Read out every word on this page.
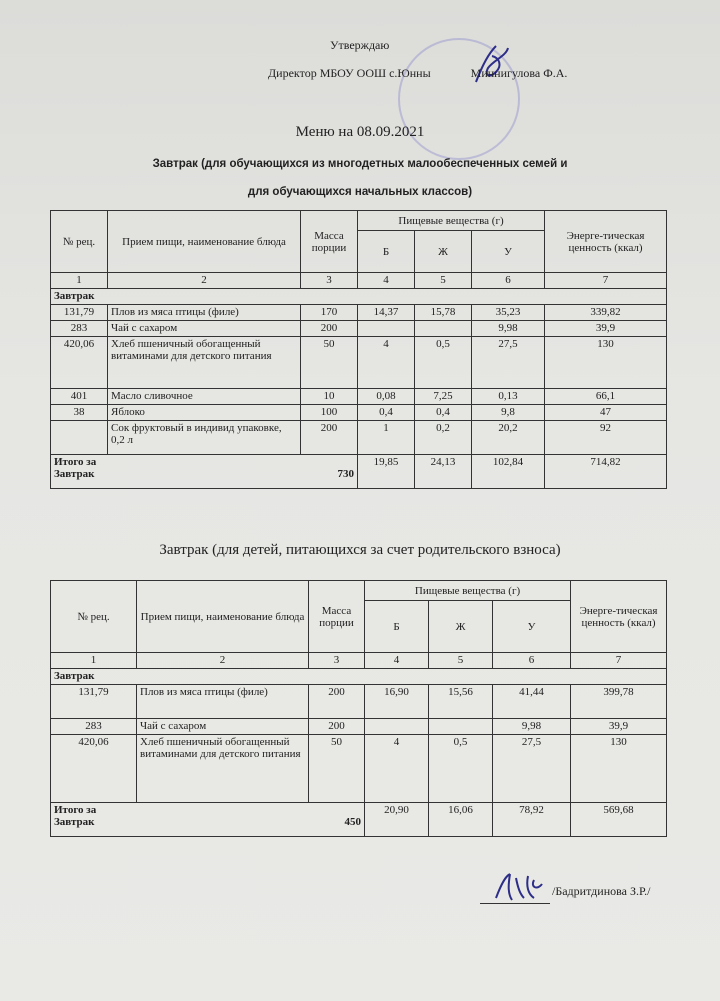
Утверждаю
Директор МБОУ ООШ с.Юнны	Миннигулова Ф.А.
Меню на 08.09.2021
Завтрак (для обучающихся из многодетных малообеспеченных семей и
для обучающихся начальных классов)
№ рец.	Прием пищи, наименование блюда	Масса порции	Пищевые вещества (г)			Энерге-тическая ценность (ккал)
			Б	Ж	У	
1	2	3	4	5	6	7
Завтрак						
131,79	Плов из мяса птицы (филе)	170	14,37	15,78	35,23	339,82
283	Чай с сахаром	200			9,98	39,9
420,06	Хлеб пшеничный обогащенный витаминами для детского питания	50	4	0,5	27,5	130
401	Масло сливочное	10	0,08	7,25	0,13	66,1
38	Яблоко	100	0,4	0,4	9,8	47
	Сок фруктовый в индивид упаковке, 0,2 л	200	1	0,2	20,2	92

Итого за
Завтрак 730			19,85	24,13	102,84	714,82
Завтрак (для детей, питающихся за счет родительского взноса)
№ рец.	Прием пищи, наименование блюда	Масса порции	Пищевые вещества (г)			Энерге-тическая ценность (ккал)
			Б	Ж	У	
1	2	3	4	5	6	7
Завтрак						
131,79	Плов из мяса птицы (филе)	200	16,90	15,56	41,44	399,78
283	Чай с сахаром	200			9,98	39,9
420,06	Хлеб пшеничный обогащенный витаминами для детского питания	50	4	0,5	27,5	130

Итого за
Завтрак 450			20,90	16,06	78,92	569,68
/Бадритдинова З.Р./
